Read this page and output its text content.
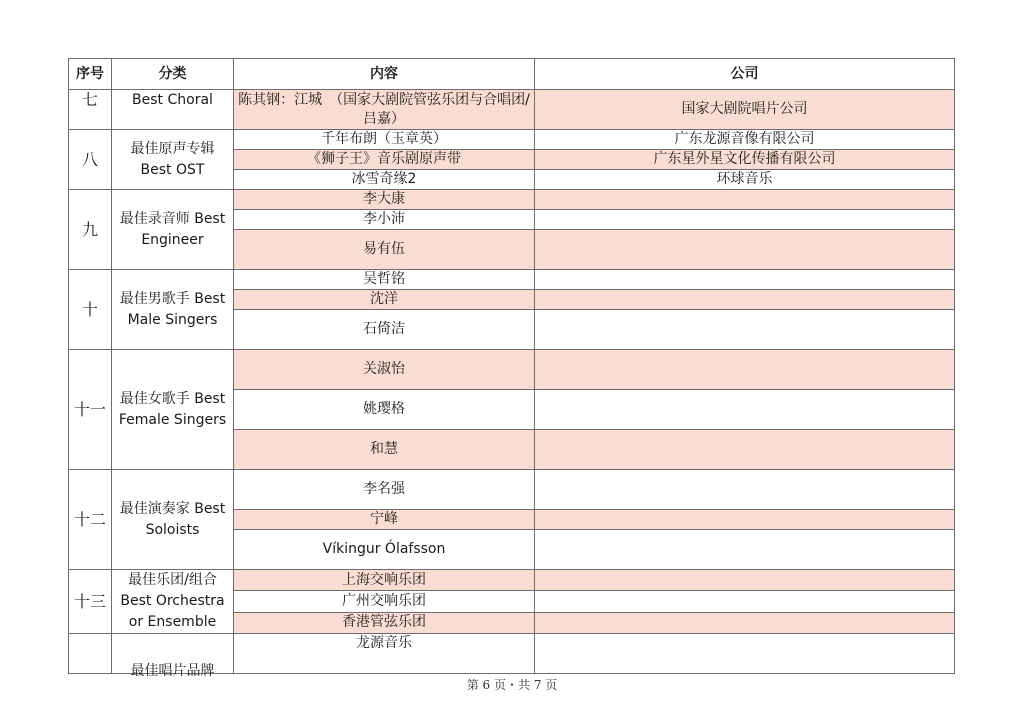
序号	分类	内容	公司
七	Best Choral	陈其钢：江城　（国家大剧院管弦乐团与合唱团/吕嘉）	国家大剧院唱片公司
八	最佳原声专辑 Best OST	千年布朗（玉章英）	广东龙源音像有限公司
		《狮子王》音乐剧原声带	广东星外星文化传播有限公司
		冰雪奇缘2	环球音乐
九	最佳录音师 Best Engineer	李大康	
		李小沛	
		易有伍	
十	最佳男歌手 Best Male Singers	吴哲铭	
		沈洋	
		石倚洁	
十一	最佳女歌手 Best Female Singers	关淑怡	
		姚璎格	
		和慧	
十二	最佳演奏家 Best Soloists	李名强	
		宁峰	
		Víkingur Ólafsson	
十三	最佳乐团/组合 Best Orchestra or Ensemble	上海交响乐团	
		广州交响乐团	
		香港管弦乐团	
	最佳唱片品牌	龙源音乐	
第 6 页・共 7 页
